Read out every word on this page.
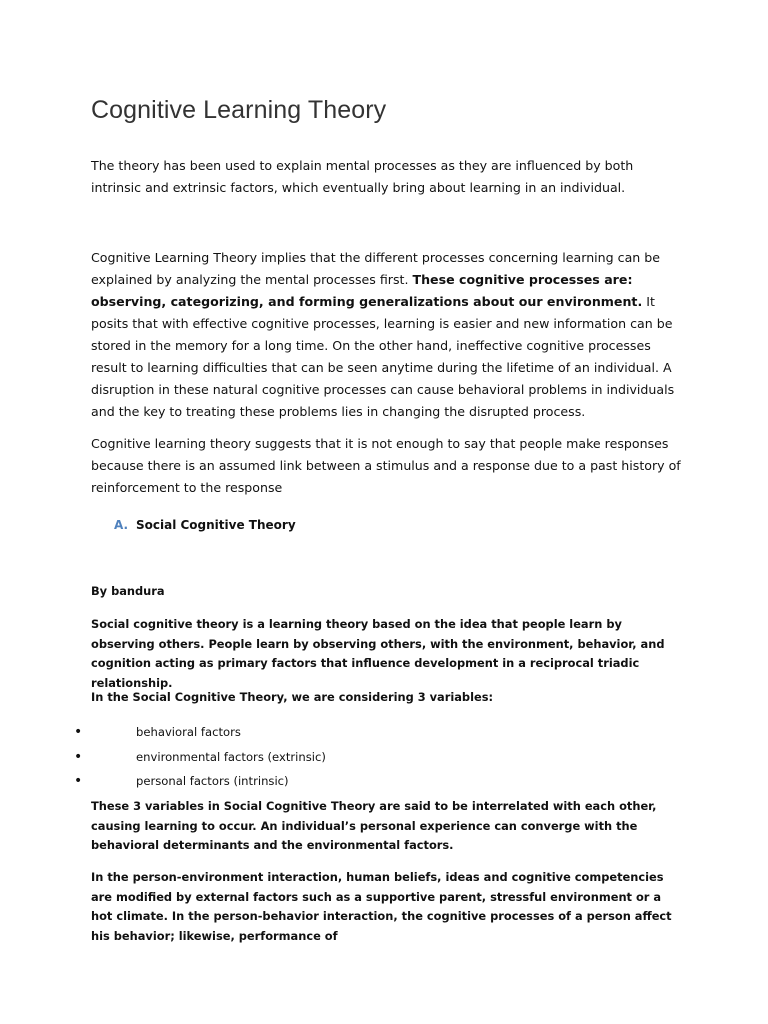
Cognitive Learning Theory

The theory has been used to explain mental processes as they are influenced by both intrinsic and extrinsic factors, which eventually bring about learning in an individual.

Cognitive Learning Theory implies that the different processes concerning learning can be explained by analyzing the mental processes first. These cognitive processes are: observing, categorizing, and forming generalizations about our environment. It posits that with effective cognitive processes, learning is easier and new information can be stored in the memory for a long time. On the other hand, ineffective cognitive processes result to learning difficulties that can be seen anytime during the lifetime of an individual. A disruption in these natural cognitive processes can cause behavioral problems in individuals and the key to treating these problems lies in changing the disrupted process.

Cognitive learning theory suggests that it is not enough to say that people make responses because there is an assumed link between a stimulus and a response due to a past history of reinforcement to the response

A. Social Cognitive Theory

By bandura

Social cognitive theory is a learning theory based on the idea that people learn by observing others. People learn by observing others, with the environment, behavior, and cognition acting as primary factors that influence development in a reciprocal triadic relationship.

In the Social Cognitive Theory, we are considering 3 variables:

•	behavioral factors
•	environmental factors (extrinsic)
•	personal factors (intrinsic)

These 3 variables in Social Cognitive Theory are said to be interrelated with each other, causing learning to occur. An individual’s personal experience can converge with the behavioral determinants and the environmental factors.

In the person-environment interaction, human beliefs, ideas and cognitive competencies are modified by external factors such as a supportive parent, stressful environment or a hot climate. In the person-behavior interaction, the cognitive processes of a person affect his behavior; likewise, performance of
